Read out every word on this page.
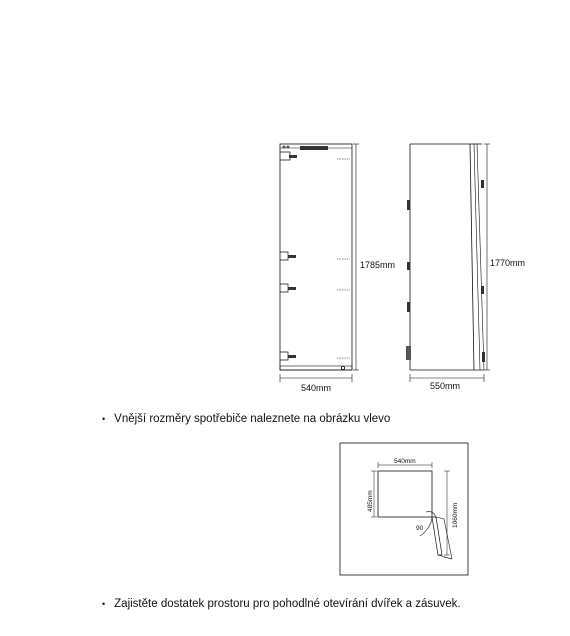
1785mm
540mm
1770mm
550mm
540mm
485mm
1060mm
90
• Vnější rozměry spotřebiče naleznete na obrázku vlevo
• Zajistěte dostatek prostoru pro pohodlné otevírání dvířek a zásuvek.
